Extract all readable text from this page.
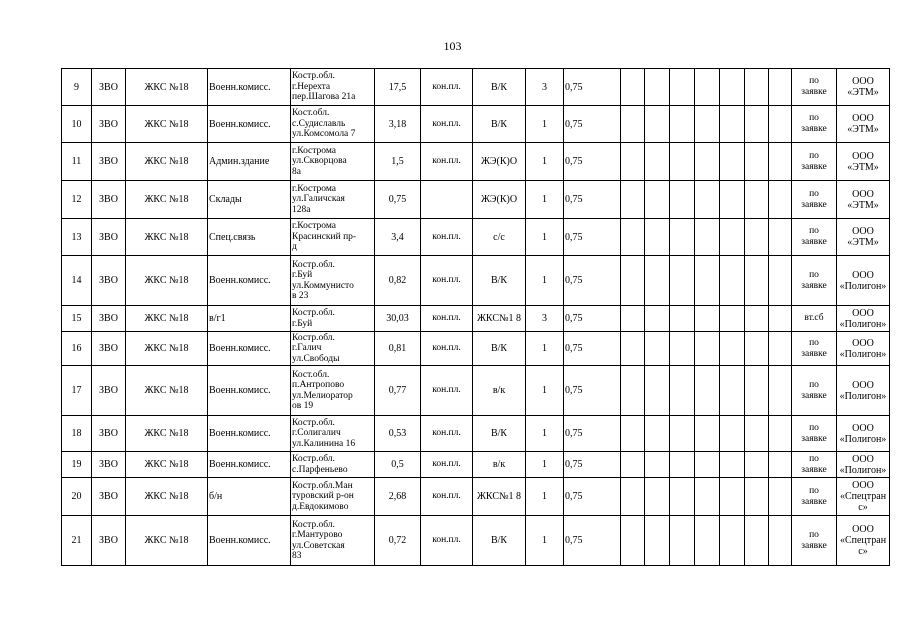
103
9	ЗВО	ЖКС №18	Военн.комисс.	Костр.обл.
г.Нерехта
пер.Шагова 21а	17,5	кон.пл.	В/К	3	0,75								по
заявке	ООО
«ЭТМ»
10	ЗВО	ЖКС №18	Военн.комисс.	Кост.обл.
с.Судиславль
ул.Комсомола 7	3,18	кон.пл.	В/К	1	0,75								по
заявке	ООО
«ЭТМ»
11	ЗВО	ЖКС №18	Админ.здание	г.Кострома
ул.Скворцова
8а	1,5	кон.пл.	ЖЭ(К)О	1	0,75								по
заявке	ООО
«ЭТМ»
12	ЗВО	ЖКС №18	Склады	г.Кострома
ул.Галичская
128а	0,75		ЖЭ(К)О	1	0,75								по
заявке	ООО
«ЭТМ»
13	ЗВО	ЖКС №18	Спец.связь	г.Кострома
Красинский пр-
д	3,4	кон.пл.	с/с	1	0,75								по
заявке	ООО
«ЭТМ»
14	ЗВО	ЖКС №18	Военн.комисс.	Костр.обл.
г.Буй
ул.Коммунисто
в 23	0,82	кон.пл.	В/К	1	0,75								по
заявке	ООО
«Полигон»
15	ЗВО	ЖКС №18	в/г1	Костр.обл.
г.Буй	30,03	кон.пл.	ЖКС№1 8	3	0,75								вт.сб	ООО
«Полигон»
16	ЗВО	ЖКС №18	Военн.комисс.	Костр.обл.
г.Галич
ул.Свободы	0,81	кон.пл.	В/К	1	0,75								по
заявке	ООО
«Полигон»
17	ЗВО	ЖКС №18	Военн.комисс.	Кост.обл.
п.Антропово
ул.Мелиоратор
ов 19	0,77	кон.пл.	в/к	1	0,75								по
заявке	ООО
«Полигон»
18	ЗВО	ЖКС №18	Военн.комисс.	Костр.обл.
г.Солигалич
ул.Калинина 16	0,53	кон.пл.	В/К	1	0,75								по
заявке	ООО
«Полигон»
19	ЗВО	ЖКС №18	Военн.комисс.	Костр.обл.
с.Парфеньево	0,5	кон.пл.	в/к	1	0,75								по
заявке	ООО
«Полигон»
20	ЗВО	ЖКС №18	б/н	Костр.обл.Ман
туровский р-он
д.Евдокимово	2,68	кон.пл.	ЖКС№1 8	1	0,75								по
заявке	ООО
«Спецтран
с»
21	ЗВО	ЖКС №18	Военн.комисс.	Костр.обл.
г.Мантурово
ул.Советская
83	0,72	кон.пл.	В/К	1	0,75								по
заявке	ООО
«Спецтран
с»
